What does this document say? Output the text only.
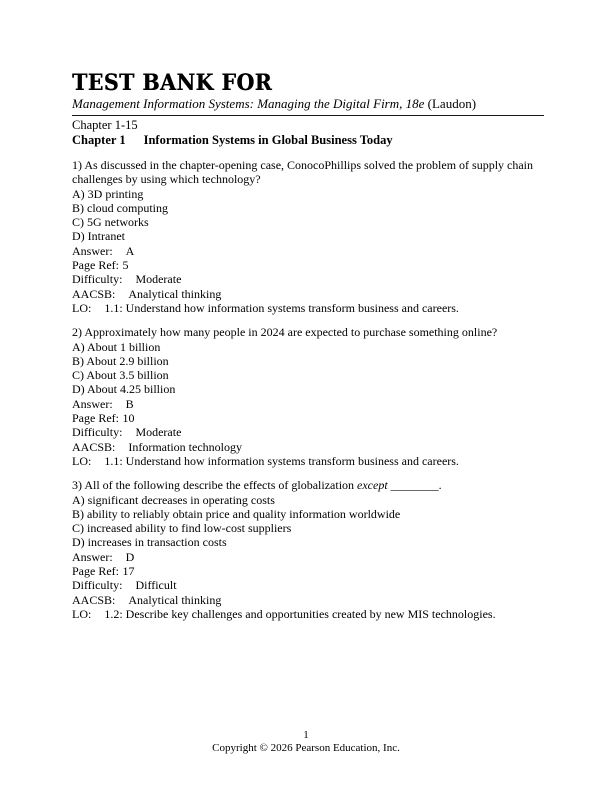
TEST BANK FOR
Management Information Systems: Managing the Digital Firm, 18e (Laudon)
Chapter 1-15
Chapter 1 Information Systems in Global Business Today
1) As discussed in the chapter-opening case, ConocoPhillips solved the problem of supply chain
challenges by using which technology?
A) 3D printing
B) cloud computing
C) 5G networks
D) Intranet
Answer: A
Page Ref: 5
Difficulty: Moderate
AACSB: Analytical thinking
LO: 1.1: Understand how information systems transform business and careers.
2) Approximately how many people in 2024 are expected to purchase something online?
A) About 1 billion
B) About 2.9 billion
C) About 3.5 billion
D) About 4.25 billion
Answer: B
Page Ref: 10
Difficulty: Moderate
AACSB: Information technology
LO: 1.1: Understand how information systems transform business and careers.
3) All of the following describe the effects of globalization except ________.
A) significant decreases in operating costs
B) ability to reliably obtain price and quality information worldwide
C) increased ability to find low-cost suppliers
D) increases in transaction costs
Answer: D
Page Ref: 17
Difficulty: Difficult
AACSB: Analytical thinking
LO: 1.2: Describe key challenges and opportunities created by new MIS technologies.
1
Copyright © 2026 Pearson Education, Inc.
